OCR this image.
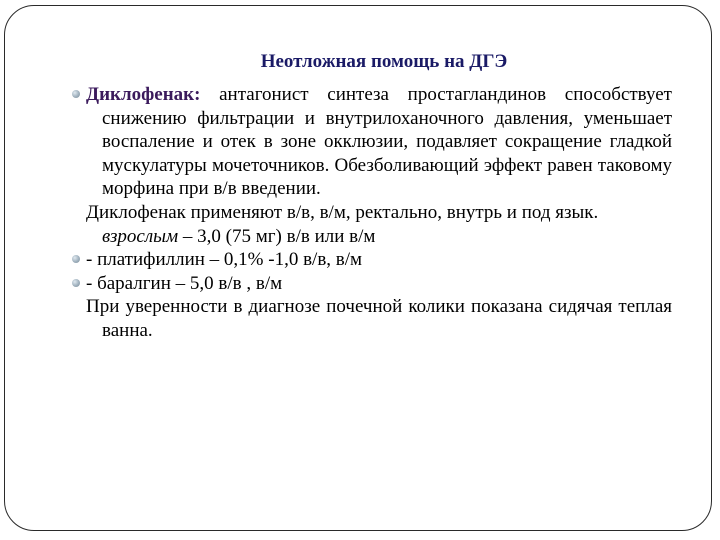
Неотложная помощь на ДГЭ

Диклофенак: антагонист синтеза простагландинов способствует снижению фильтрации и внутрилоханочного давления, уменьшает воспаление и отек в зоне окклюзии, подавляет сокращение гладкой мускулатуры мочеточников. Обезболивающий эффект равен таковому морфина при в/в введении.

Диклофенак применяют в/в, в/м, ректально, внутрь и под язык.

взрослым – 3,0 (75 мг) в/в или в/м

- платифиллин – 0,1% -1,0 в/в, в/м

- баралгин – 5,0 в/в , в/м

При уверенности в диагнозе почечной колики показана сидячая теплая ванна.
